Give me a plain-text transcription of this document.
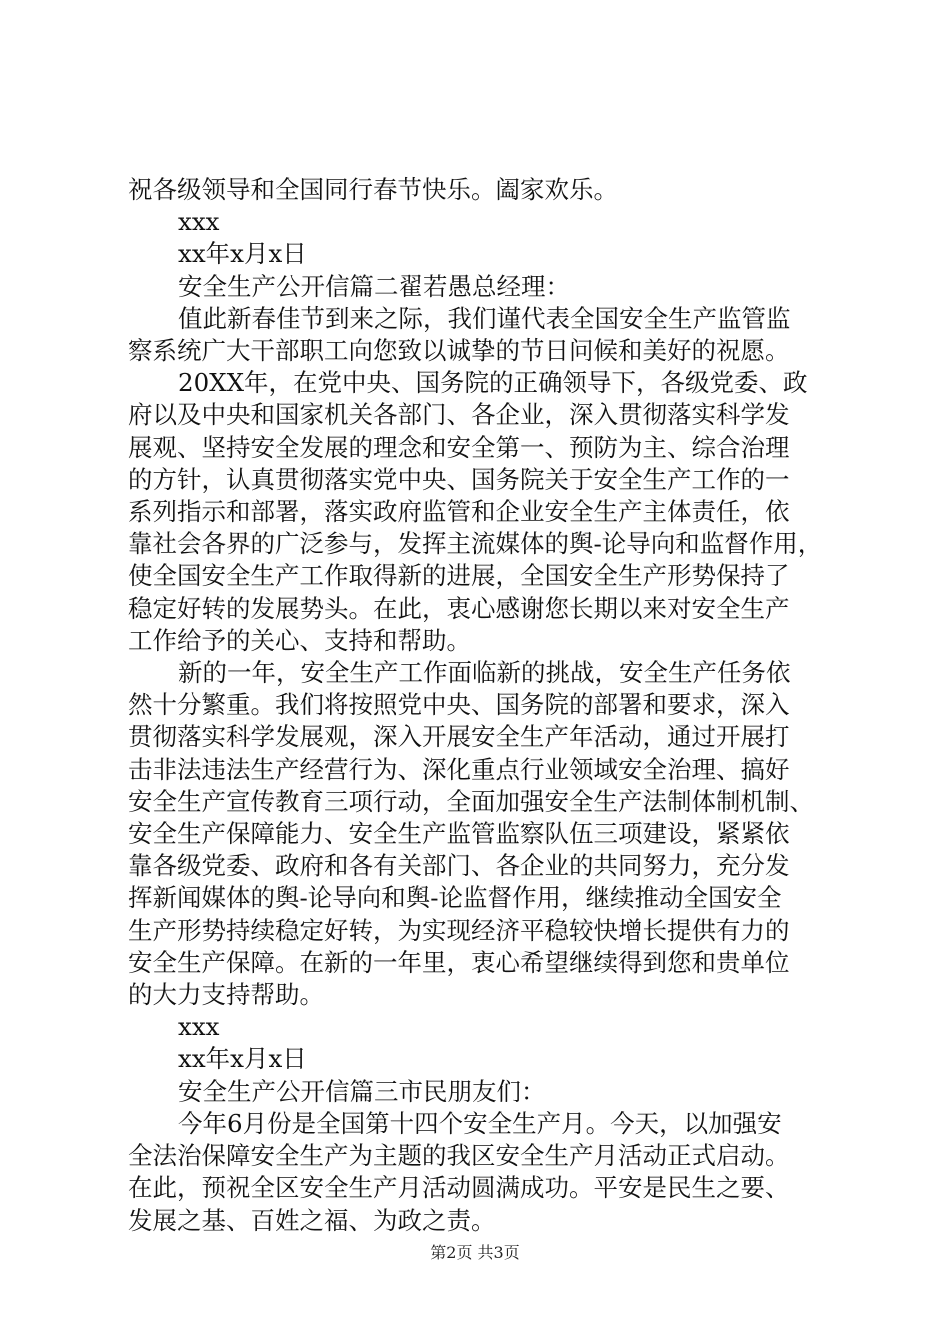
祝各级领导和全国同行春节快乐。阖家欢乐。
xxx
xx年x月x日
安全生产公开信篇二翟若愚总经理：
值此新春佳节到来之际，我们谨代表全国安全生产监管监
察系统广大干部职工向您致以诚挚的节日问候和美好的祝愿。
20XX年，在党中央、国务院的正确领导下，各级党委、政
府以及中央和国家机关各部门、各企业，深入贯彻落实科学发
展观、坚持安全发展的理念和安全第一、预防为主、综合治理
的方针，认真贯彻落实党中央、国务院关于安全生产工作的一
系列指示和部署，落实政府监管和企业安全生产主体责任，依
靠社会各界的广泛参与，发挥主流媒体的舆-论导向和监督作用，
使全国安全生产工作取得新的进展，全国安全生产形势保持了
稳定好转的发展势头。在此，衷心感谢您长期以来对安全生产
工作给予的关心、支持和帮助。
新的一年，安全生产工作面临新的挑战，安全生产任务依
然十分繁重。我们将按照党中央、国务院的部署和要求，深入
贯彻落实科学发展观，深入开展安全生产年活动，通过开展打
击非法违法生产经营行为、深化重点行业领域安全治理、搞好
安全生产宣传教育三项行动，全面加强安全生产法制体制机制、
安全生产保障能力、安全生产监管监察队伍三项建设，紧紧依
靠各级党委、政府和各有关部门、各企业的共同努力，充分发
挥新闻媒体的舆-论导向和舆-论监督作用，继续推动全国安全
生产形势持续稳定好转，为实现经济平稳较快增长提供有力的
安全生产保障。在新的一年里，衷心希望继续得到您和贵单位
的大力支持帮助。
xxx
xx年x月x日
安全生产公开信篇三市民朋友们：
今年6月份是全国第十四个安全生产月。今天，以加强安
全法治保障安全生产为主题的我区安全生产月活动正式启动。
在此，预祝全区安全生产月活动圆满成功。平安是民生之要、
发展之基、百姓之福、为政之责。
第2页 共3页
